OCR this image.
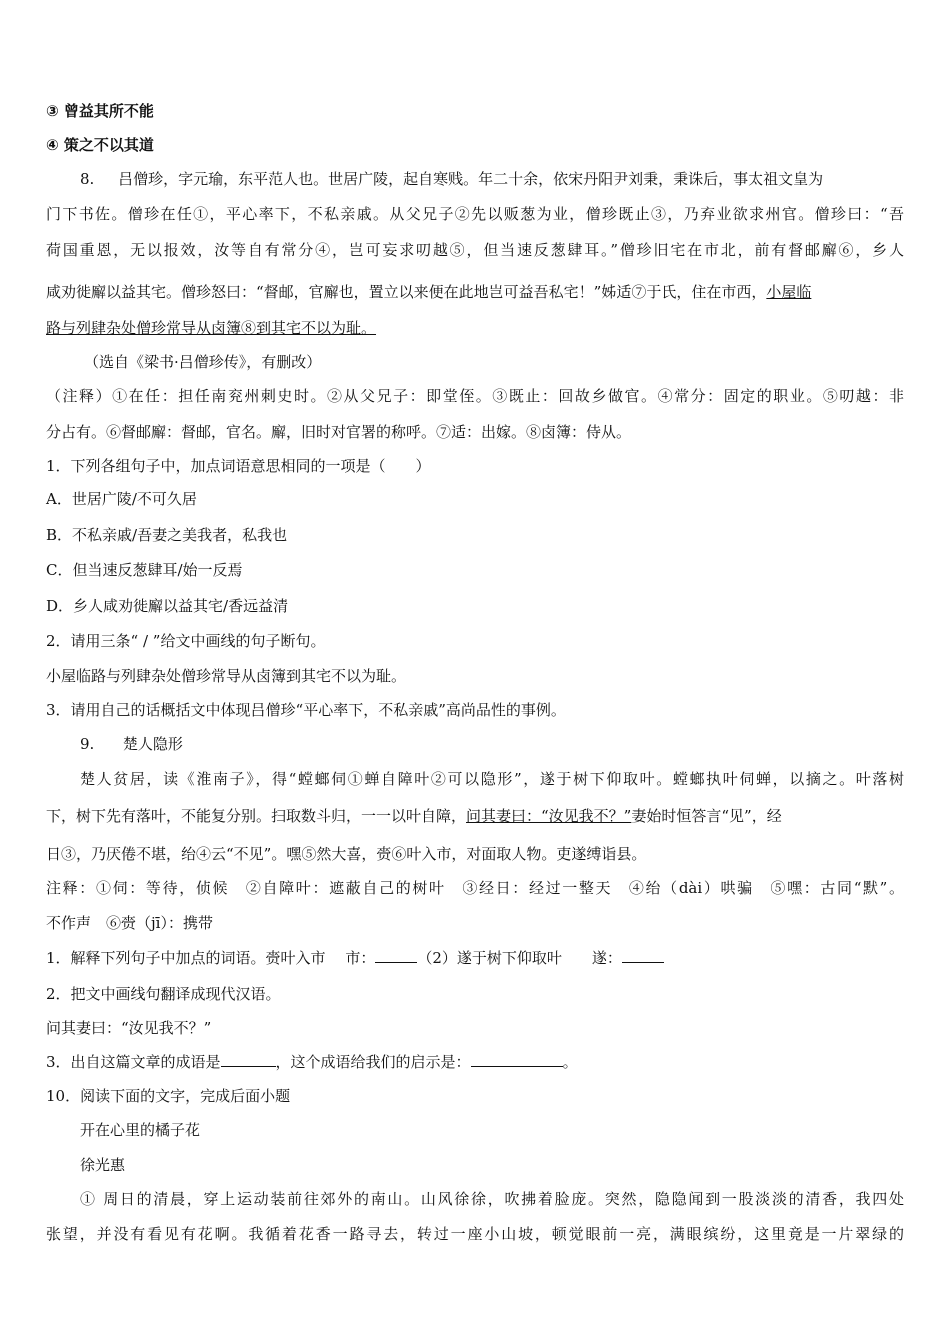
③ 曾益其所不能
④ 策之不以其道
8. 吕僧珍，字元瑜，东平范人也。世居广陵，起自寒贱。年二十余，依宋丹阳尹刘秉，秉诛后，事太祖文皇为
门下书佐。僧珍在任①，平心率下，不私亲戚。从父兄子②先以贩葱为业，僧珍既止③，乃弃业欲求州官。僧珍曰：“吾
荷国重恩，无以报效，汝等自有常分④，岂可妄求叨越⑤，但当速反葱肆耳。”僧珍旧宅在市北，前有督邮廨⑥，乡人
咸劝徙廨以益其宅。僧珍怒曰：“督邮，官廨也，置立以来便在此地岂可益吾私宅！”姊适⑦于氏，住在市西，小屋临
路与列肆杂处僧珍常导从卤簿⑧到其宅不以为耻。
（选自《梁书·吕僧珍传》，有删改）
（注释）①在任：担任南兖州刺史时。②从父兄子：即堂侄。③既止：回故乡做官。④常分：固定的职业。⑤叨越：非
分占有。⑥督邮廨：督邮，官名。廨，旧时对官署的称呼。⑦适：出嫁。⑧卤簿：侍从。
1．下列各组句子中，加点词语意思相同的一项是（　　）
A．世居广陵/不可久居
B．不私亲戚/吾妻之美我者，私我也
C．但当速反葱肆耳/始一反焉
D．乡人咸劝徙廨以益其宅/香远益清
2．请用三条“ / ”给文中画线的句子断句。
小屋临路与列肆杂处僧珍常导从卤簿到其宅不以为耻。
3．请用自己的话概括文中体现吕僧珍“平心率下，不私亲戚”高尚品性的事例。
9. 楚人隐形
楚人贫居，读《淮南子》，得“螳螂伺①蝉自障叶②可以隐形”，遂于树下仰取叶。螳螂执叶伺蝉，以摘之。叶落树
下，树下先有落叶，不能复分别。扫取数斗归，一一以叶自障，问其妻曰：“汝见我不？”妻始时恒答言“见”，经
日③，乃厌倦不堪，绐④云“不见”。嘿⑤然大喜，赍⑥叶入市，对面取人物。吏遂缚诣县。
注释：①伺：等待，侦候　②自障叶：遮蔽自己的树叶　③经日：经过一整天　④绐（dài）哄骗　⑤嘿：古同“默”。
不作声　⑥赍（jī）：携带
1．解释下列句子中加点的词语。赍叶入市　 市：	（2）遂于树下仰取叶　　遂：
2．把文中画线句翻译成现代汉语。
问其妻曰：“汝见我不？”
3．出自这篇文章的成语是	，这个成语给我们的启示是：	。
10．阅读下面的文字，完成后面小题
开在心里的橘子花
徐光惠
① 周日的清晨，穿上运动装前往郊外的南山。山风徐徐，吹拂着脸庞。突然，隐隐闻到一股淡淡的清香，我四处
张望，并没有看见有花啊。我循着花香一路寻去，转过一座小山坡，顿觉眼前一亮，满眼缤纷，这里竟是一片翠绿的
